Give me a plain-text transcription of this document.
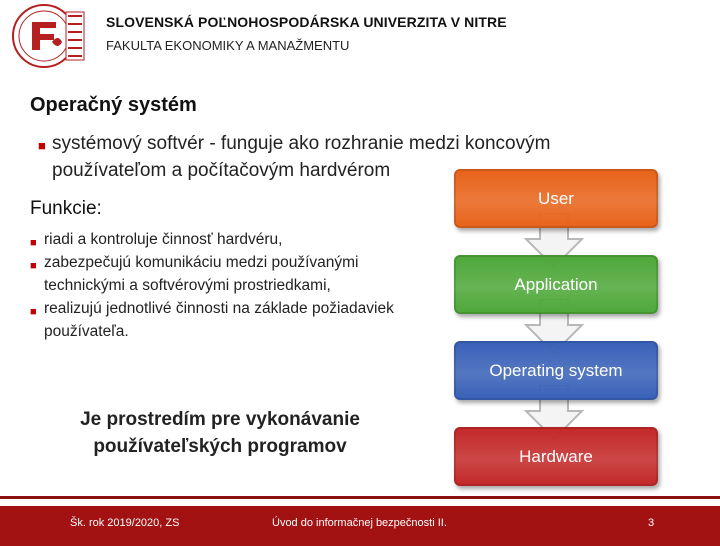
SLOVENSKÁ POĽNOHOSPODÁRSKA UNIVERZITA V NITRE
FAKULTA EKONOMIKY A MANAŽMENTU
Operačný systém
■ systémový softvér - funguje ako rozhranie medzi koncovým
používateľom a počítačovým hardvérom
Funkcie:
■ riadi a kontroluje činnosť hardvéru,
■ zabezpečujú komunikáciu medzi používanými technickými a softvérovými prostriedkami,
■ realizujú jednotlivé činnosti na základe požiadaviek používateľa.
Je prostredím pre vykonávanie
používateľských programov
User
Application
Operating system
Hardware
Šk. rok 2019/2020, ZS	Úvod do informačnej bezpečnosti II.	3
